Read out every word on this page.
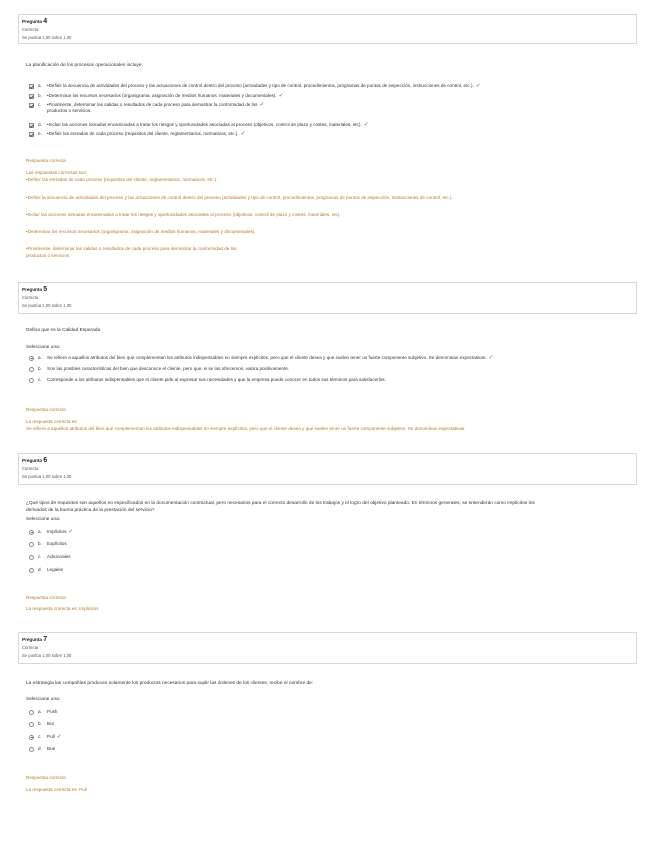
Pregunta 4
Correcta
Se puntúa 1,00 sobre 1,00
La planificación de los procesos operacionales incluye:
a.	•Definir la secuencia de actividades del proceso y las actuaciones de control dentro del proceso (actividades y tipo de control, procedimientos, programas de puntos de inspección, instrucciones de control, etc.). ✓
b.	•Determinar los recursos necesarios (organigrama, asignación de medios humanos, materiales y documentales). ✓
c.	•Finalmente, determinar las salidas o resultados de cada proceso para demostrar la conformidad de los ✓
productos o servicios.
d.	•Incluir las acciones tomadas encaminadas a tratar los riesgos y oportunidades asociadas al proceso (objetivos, control de plazo y costes, materiales, etc). ✓
e.	•Definir las entradas de cada proceso (requisitos del cliente, reglamentarios, normativos, etc.). ✓
Respuesta correcta
Las respuestas correctas son:
•Definir las entradas de cada proceso (requisitos del cliente, reglamentarios, normativos, etc.).
,
•Definir la secuencia de actividades del proceso y las actuaciones de control dentro del proceso (actividades y tipo de control, procedimientos, programas de puntos de inspección, instrucciones de control, etc.).
,
•Incluir las acciones tomadas encaminadas a tratar los riesgos y oportunidades asociadas al proceso (objetivos, control de plazo y costes, materiales, etc).
,
•Determinar los recursos necesarios (organigrama, asignación de medios humanos, materiales y documentales).
,
•Finalmente, determinar las salidas o resultados de cada proceso para demostrar la conformidad de los
productos o servicios.
Pregunta 5
Correcta
Se puntúa 1,00 sobre 1,00
Defina que es la Calidad Esperada
Seleccione una:
a.	Se refiere a aquellos atributos del bien que complementan los atributos indispensables no siempre explícitos, pero que el cliente desea y que suelen tener un fuerte componente subjetivo. Se denominan expectativas. ✓
b.	Son las posibles características del bien que desconoce el cliente, pero que, si se las ofrecemos, valora positivamente.
c.	Corresponde a los atributos indispensables que el cliente pide al expresar sus necesidades y que la empresa puede conocer en todos sus términos para satisfacerlos.
Respuesta correcta
La respuesta correcta es:
Se refiere a aquellos atributos del bien que complementan los atributos indispensables no siempre explícitos, pero que el cliente desea y que suelen tener un fuerte componente subjetivo. Se denominan expectativas.
Pregunta 6
Correcta
Se puntúa 1,00 sobre 1,00
¿Qué tipos de requisitos son aquellos no especificados en la documentación contractual, pero necesarios para el correcto desarrollo de los trabajos y el logro del objetivo planteado. En términos generales, se entenderán como implícitos los
derivados de la buena práctica de la prestación del servicio?
Seleccione una:
a.	Implícitos ✓
b.	Explícitos
c.	Adicionales
d.	Legales
Respuesta correcta
La respuesta correcta es: Implícitos
Pregunta 7
Correcta
Se puntúa 1,00 sobre 1,00
La estrategia las compañías producen solamente los productos necesarios para suplir las órdenes de los clientes, recibe el nombre de:
Seleccione una:
a.	Push
b.	Bul
c.	Pull ✓
d.	Bue
Respuesta correcta
La respuesta correcta es: Pull
